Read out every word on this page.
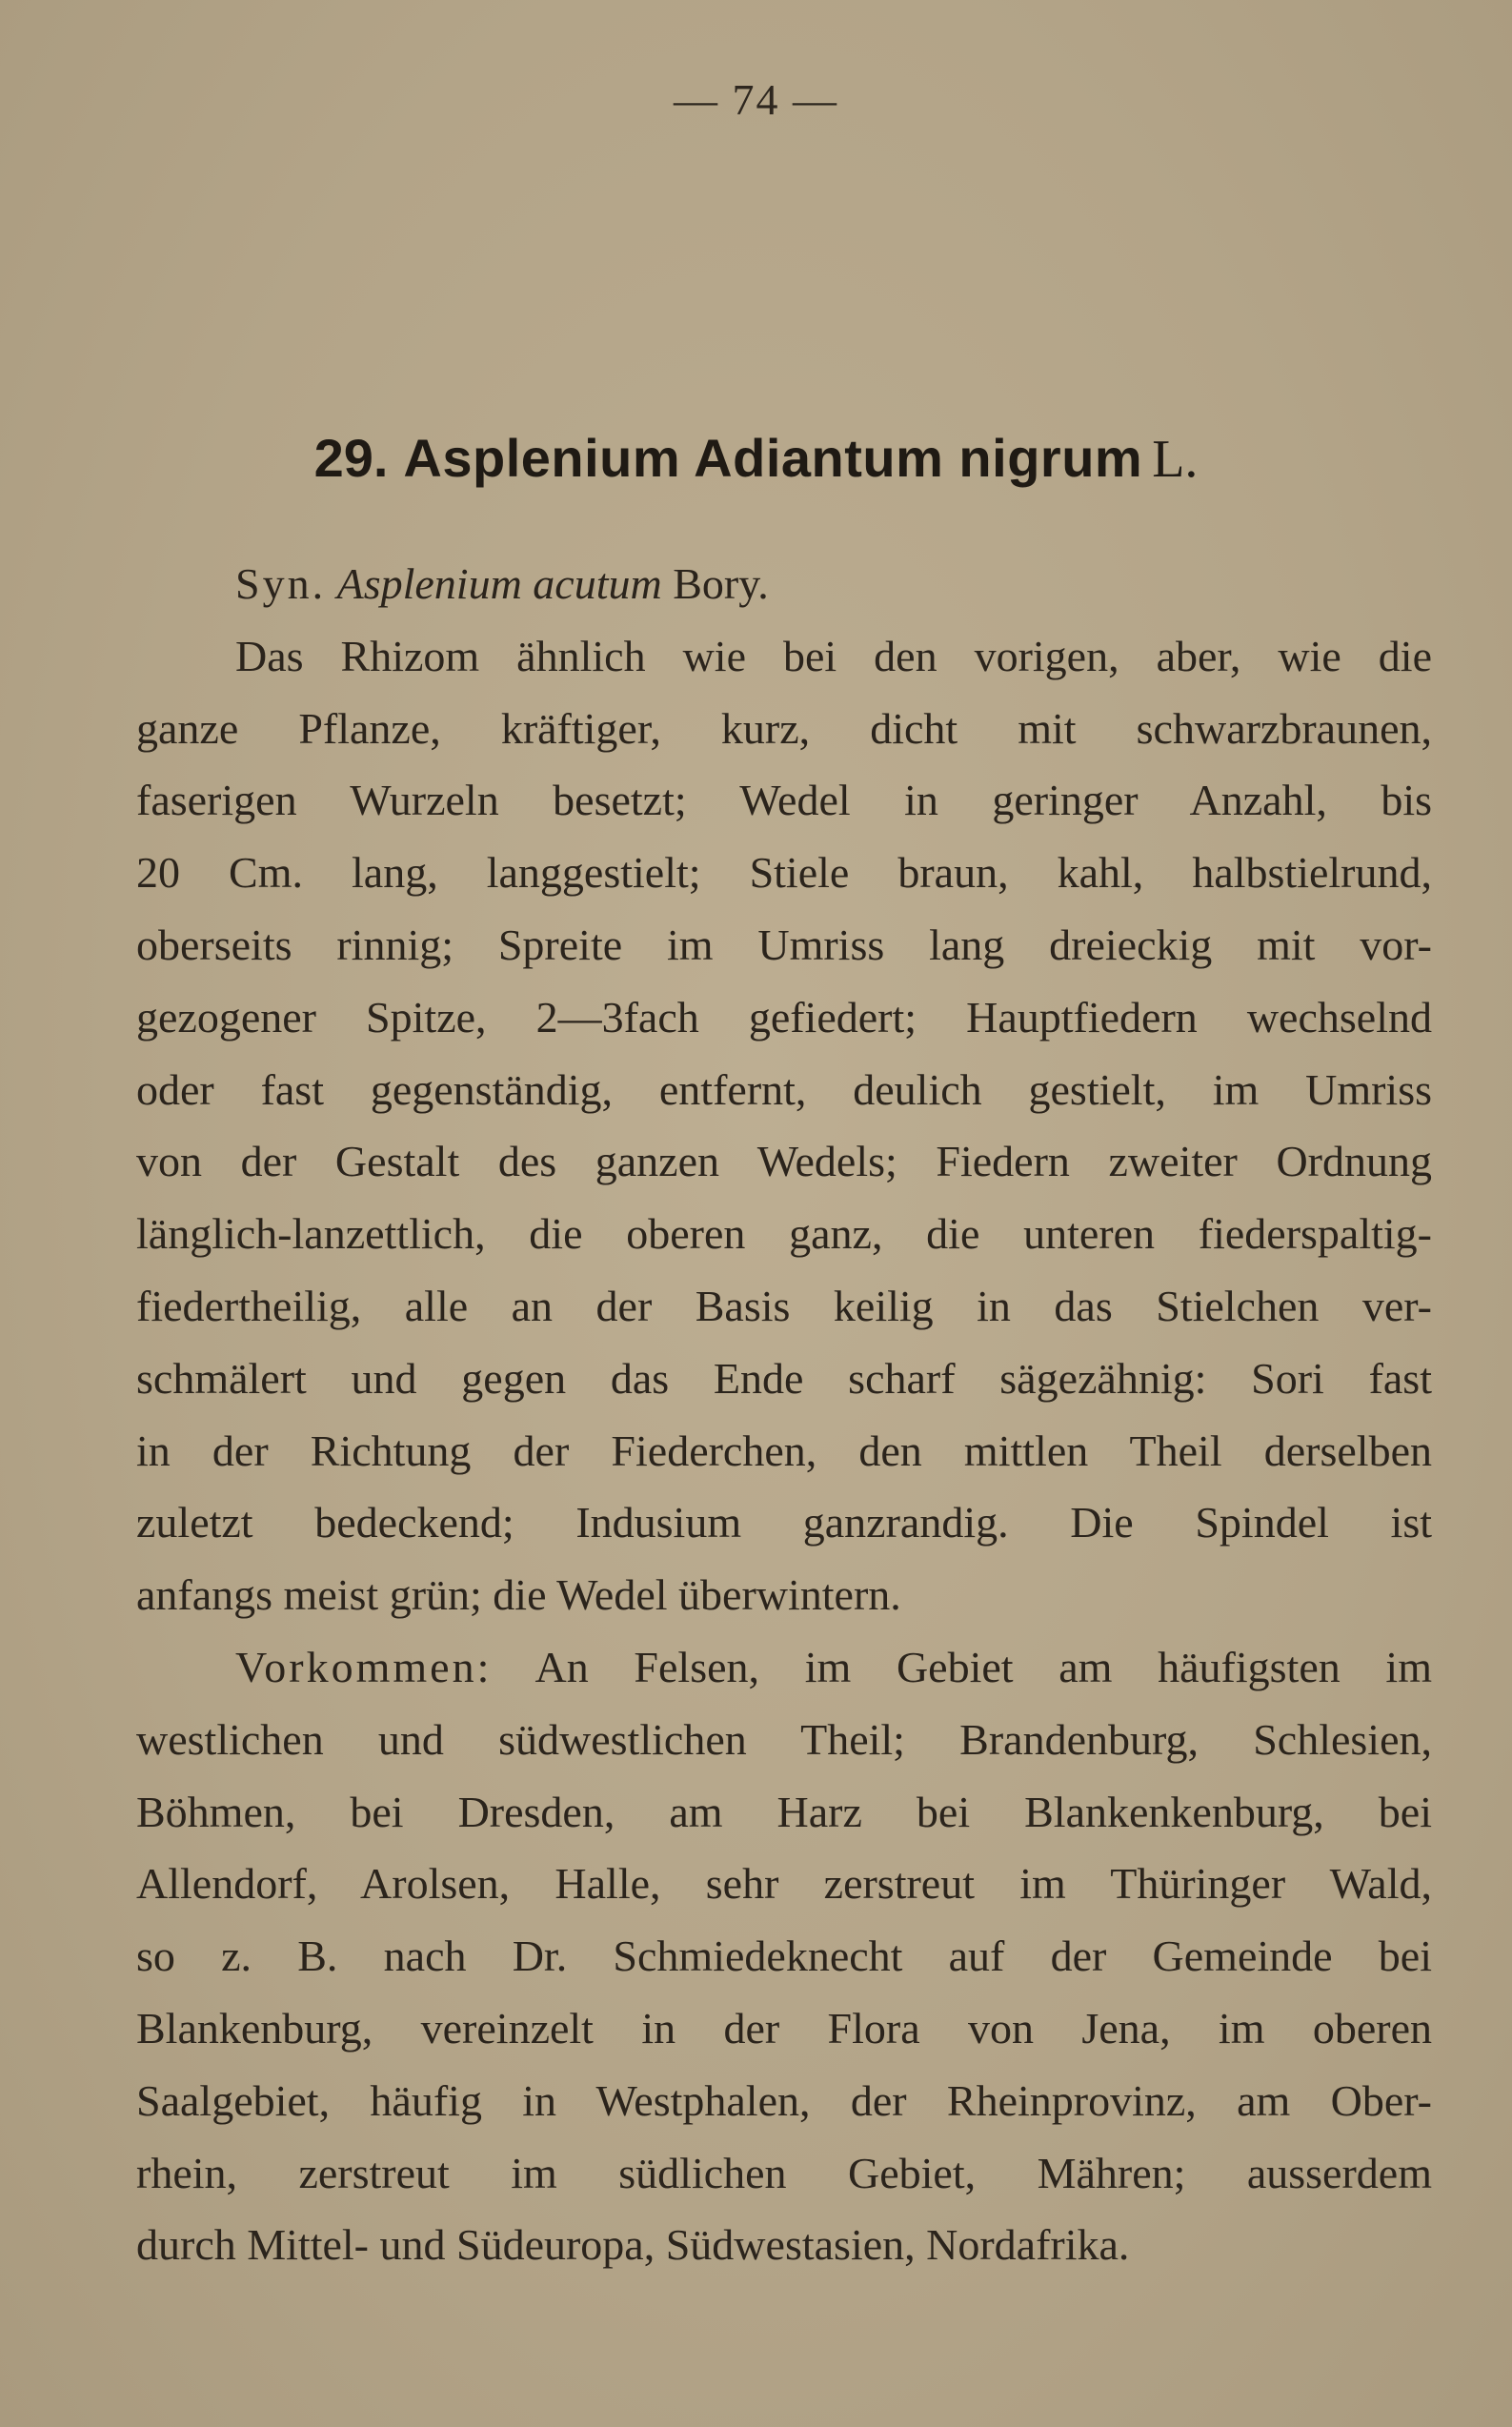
— 74 —
29. Asplenium Adiantum nigrum L.
Syn. Asplenium acutum Bory.
Das Rhizom ähnlich wie bei den vorigen, aber, wie die
ganze Pflanze, kräftiger, kurz, dicht mit schwarzbraunen,
faserigen Wurzeln besetzt; Wedel in geringer Anzahl, bis
20 Cm. lang, langgestielt; Stiele braun, kahl, halbstielrund,
oberseits rinnig; Spreite im Umriss lang dreieckig mit vor-
gezogener Spitze, 2—3fach gefiedert; Hauptfiedern wechselnd
oder fast gegenständig, entfernt, deulich gestielt, im Umriss
von der Gestalt des ganzen Wedels; Fiedern zweiter Ordnung
länglich-lanzettlich, die oberen ganz, die unteren fiederspaltig-
fiedertheilig, alle an der Basis keilig in das Stielchen ver-
schmälert und gegen das Ende scharf sägezähnig: Sori fast
in der Richtung der Fiederchen, den mittlen Theil derselben
zuletzt bedeckend; Indusium ganzrandig. Die Spindel ist
anfangs meist grün; die Wedel überwintern.
Vorkommen: An Felsen, im Gebiet am häufigsten im
westlichen und südwestlichen Theil; Brandenburg, Schlesien,
Böhmen, bei Dresden, am Harz bei Blankenkenburg, bei
Allendorf, Arolsen, Halle, sehr zerstreut im Thüringer Wald,
so z. B. nach Dr. Schmiedeknecht auf der Gemeinde bei
Blankenburg, vereinzelt in der Flora von Jena, im oberen
Saalgebiet, häufig in Westphalen, der Rheinprovinz, am Ober-
rhein, zerstreut im südlichen Gebiet, Mähren; ausserdem
durch Mittel- und Südeuropa, Südwestasien, Nordafrika.
